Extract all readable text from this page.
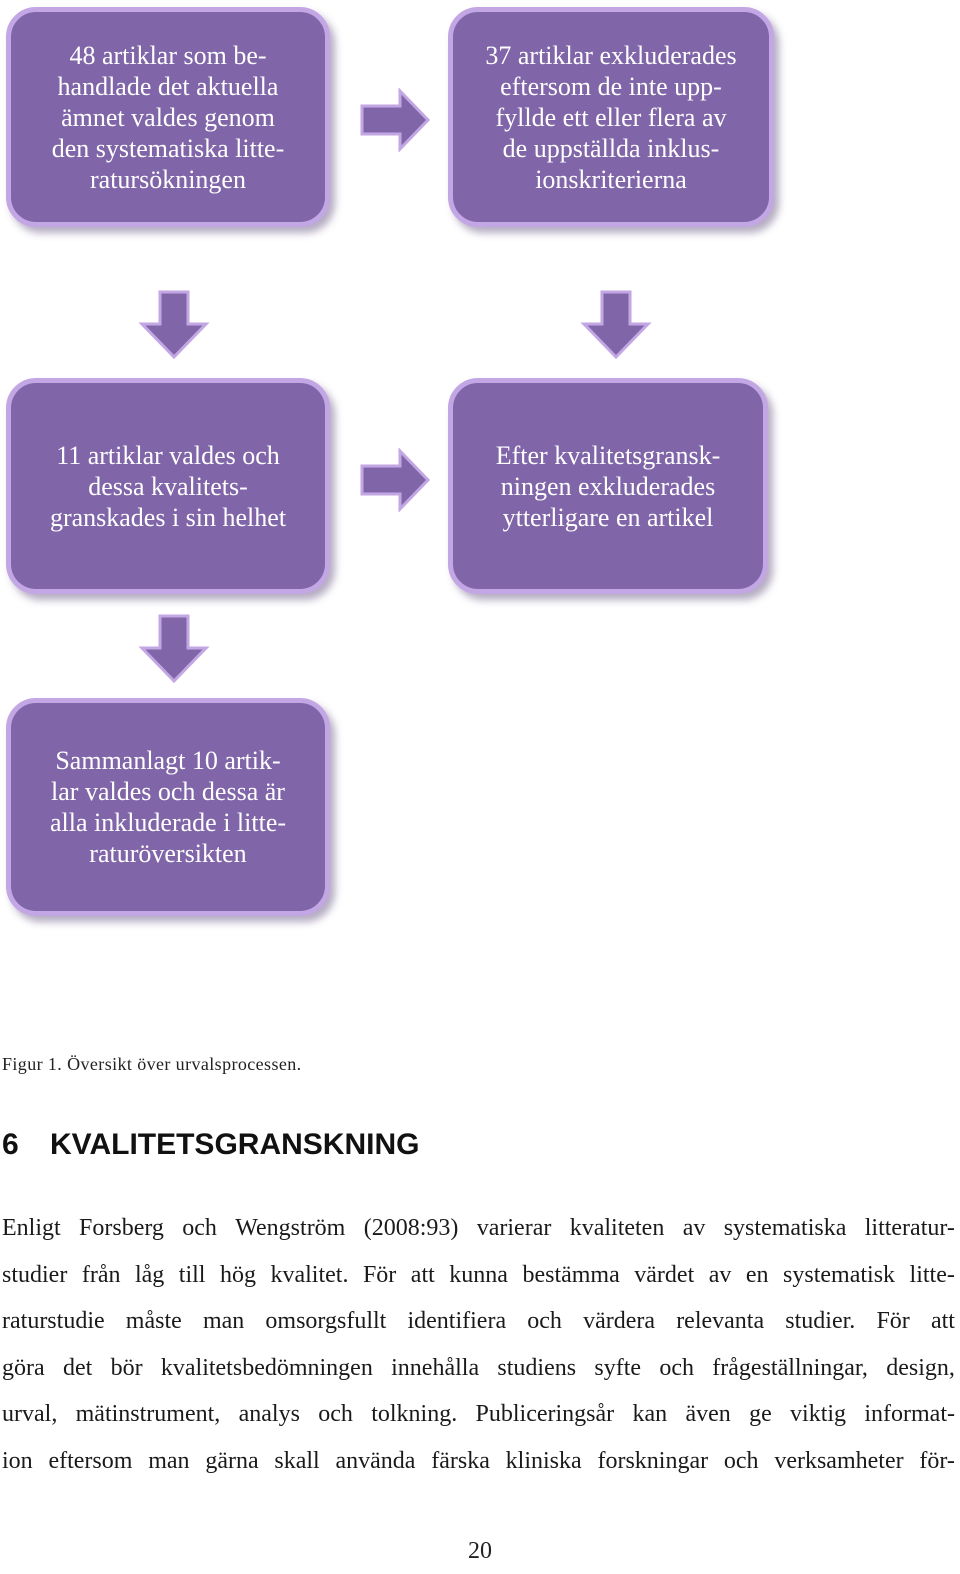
48 artiklar som be-
handlade det aktuella
ämnet valdes genom
den systematiska litte-
ratursökningen
37 artiklar exkluderades
eftersom de inte upp-
fyllde ett eller flera av
de uppställda inklus-
ionskriterierna
11 artiklar valdes och
dessa kvalitets-
granskades i sin helhet
Efter kvalitetsgransk-
ningen exkluderades
ytterligare en artikel
Sammanlagt 10 artik-
lar valdes och dessa är
alla inkluderade i litte-
raturöversikten
Figur 1. Översikt över urvalsprocessen.
6	KVALITETSGRANSKNING
Enligt Forsberg och Wengström (2008:93) varierar kvaliteten av systematiska litteratur-
studier från låg till hög kvalitet. För att kunna bestämma värdet av en systematisk litte-
raturstudie måste man omsorgsfullt identifiera och värdera relevanta studier. För att
göra det bör kvalitetsbedömningen innehålla studiens syfte och frågeställningar, design,
urval, mätinstrument, analys och tolkning. Publiceringsår kan även ge viktig informat-
ion eftersom man gärna skall använda färska kliniska forskningar och verksamheter för-
20
